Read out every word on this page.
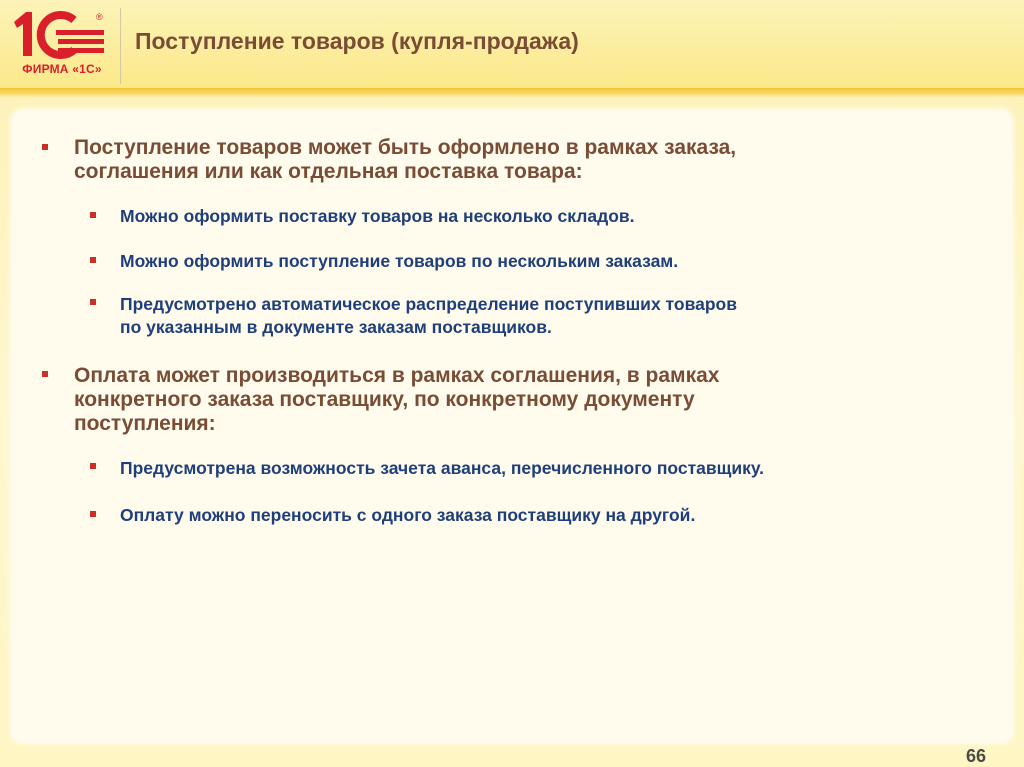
®
ФИРМА «1С»
Поступление товаров (купля-продажа)
Поступление товаров может быть оформлено в рамках заказа,
соглашения или как отдельная поставка товара:
Можно оформить поставку товаров на несколько складов.
Можно оформить поступление товаров по нескольким заказам.
Предусмотрено автоматическое распределение поступивших товаров
по указанным в документе заказам поставщиков.
Оплата может производиться в рамках соглашения, в рамках
конкретного заказа поставщику, по конкретному документу
поступления:
Предусмотрена возможность зачета аванса, перечисленного поставщику.
Оплату можно переносить с одного заказа поставщику на другой.
66
